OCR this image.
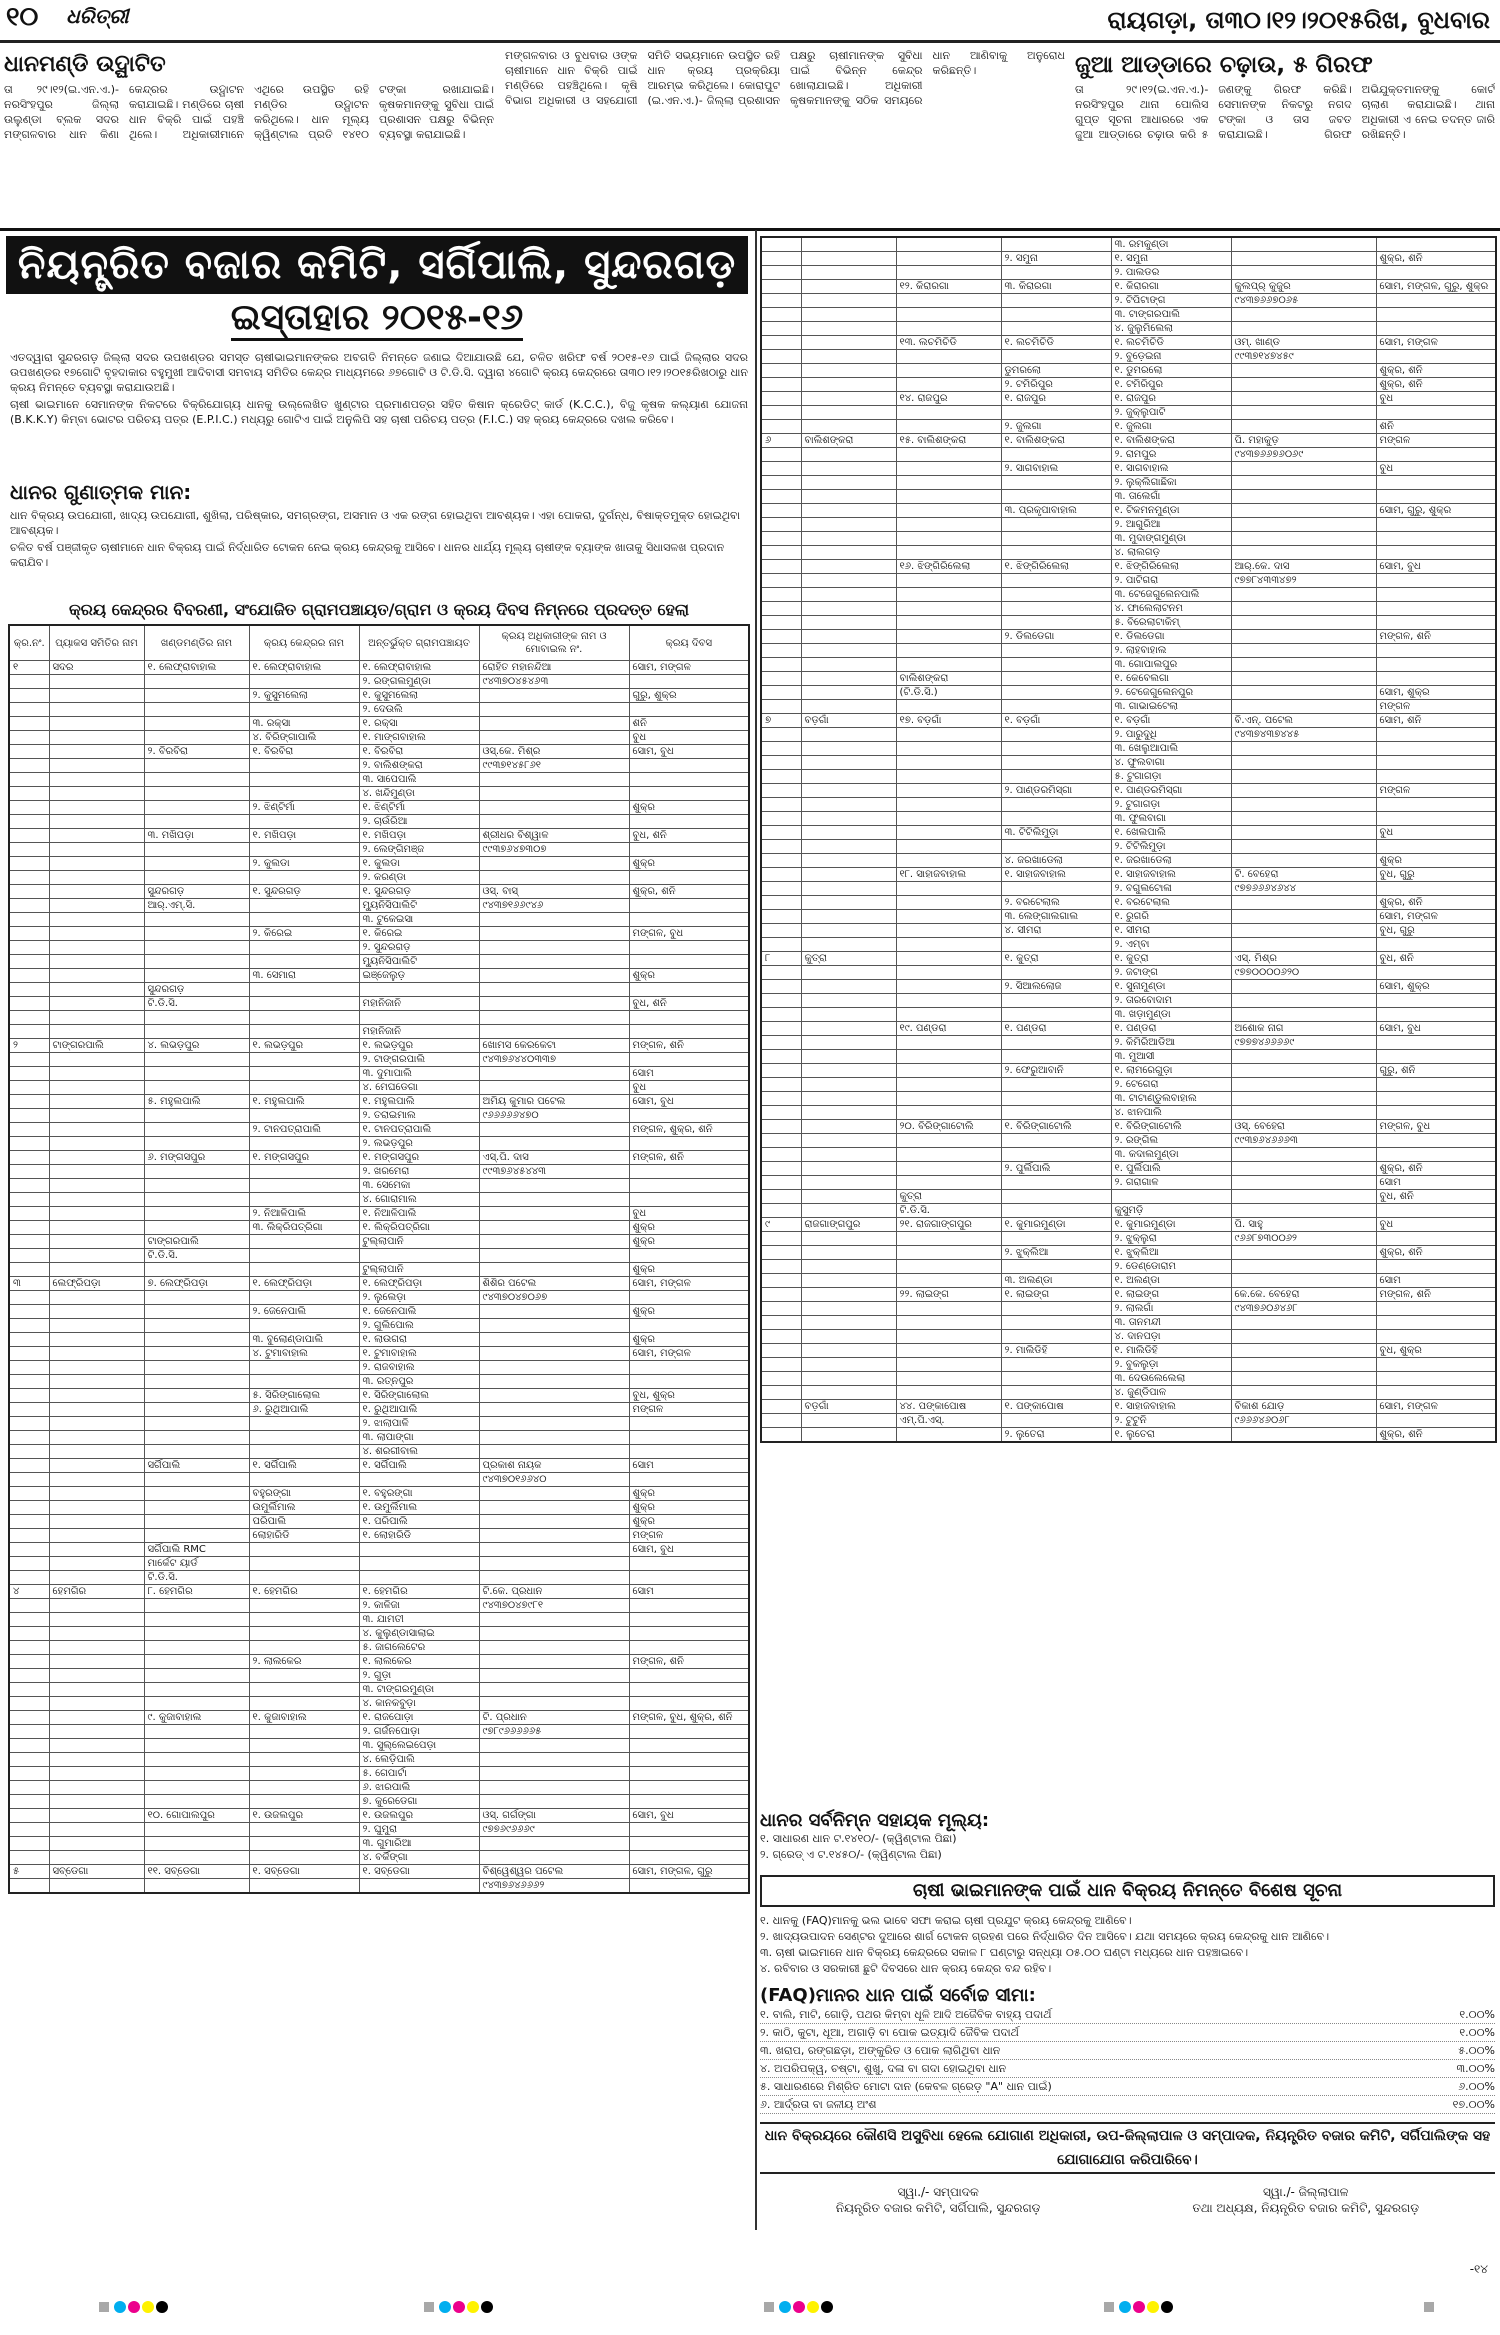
୧୦ ଧରିତ୍ରୀ	ରାୟଗଡ଼ା, ତା୩୦।୧୨।୨୦୧୫ରିଖ, ବୁଧବାର
ଧାନମଣ୍ଡି ଉଦ୍ଘାଟିତ

ତା ୨୯।୧୨(ଇ.ଏନ.ଏ.)- ନରସିଂହପୁର ଜିଲ୍ଲା ଉଲୁଣ୍ଡା ବ୍ଲକ ସଦର ମଙ୍ଗଳବାର ଧାନ କିଣା କେନ୍ଦ୍ରର ଉଦ୍ଘାଟନ କରାଯାଇଛି। ମଣ୍ଡିରେ ଚାଷୀ ଧାନ ବିକ୍ରି ପାଇଁ ପହଞ୍ଚି ଥିଲେ। ଅଧିକାରୀମାନେ ଏଥିରେ ଉପସ୍ଥିତ ରହି ମଣ୍ଡିର ଉଦ୍ଘାଟନ କରିଥିଲେ। ଧାନ ମୂଲ୍ୟ କ୍ୱିଣ୍ଟାଲ ପ୍ରତି ୧୪୧୦ ଟଙ୍କା ରଖାଯାଇଛି। କୃଷକମାନଙ୍କୁ ସୁବିଧା ପାଇଁ ପ୍ରଶାସନ ପକ୍ଷରୁ ବିଭିନ୍ନ ବ୍ୟବସ୍ଥା କରାଯାଇଛି।

ମଙ୍ଗଳବାର ଓ ବୁଧବାର ଓଙ୍କ ଚାଷୀମାନେ ଧାନ ବିକ୍ରି ପାଇଁ ମଣ୍ଡିରେ ପହଞ୍ଚିଥିଲେ। କୃଷି ବିଭାଗ ଅଧିକାରୀ ଓ ସହଯୋଗୀ ସମିତି ସଭ୍ୟମାନେ ଉପସ୍ଥିତ ରହି ଧାନ କ୍ରୟ ପ୍ରକ୍ରିୟା ଆରମ୍ଭ କରିଥିଲେ। କୋରାପୁଟ (ଇ.ଏନ.ଏ.)- ଜିଲ୍ଲା ପ୍ରଶାସନ ପକ୍ଷରୁ ଚାଷୀମାନଙ୍କ ସୁବିଧା ପାଇଁ ବିଭିନ୍ନ କେନ୍ଦ୍ର ଖୋଲାଯାଇଛି। ଅଧିକାରୀ କୃଷକମାନଙ୍କୁ ସଠିକ ସମୟରେ ଧାନ ଆଣିବାକୁ ଅନୁରୋଧ କରିଛନ୍ତି।	ଜୁଆ ଆଡ୍ଡାରେ ଚଢ଼ାଉ, ୫ ଗିରଫ

ତା ୨୯।୧୨(ଇ.ଏନ.ଏ.)- ନରସିଂହପୁର ଥାନା ପୋଲିସ ଗୁପ୍ତ ସୂଚନା ଆଧାରରେ ଏକ ଜୁଆ ଆଡ୍ଡାରେ ଚଢ଼ାଉ କରି ୫ ଜଣଙ୍କୁ ଗିରଫ କରିଛି। ସେମାନଙ୍କ ନିକଟରୁ ନଗଦ ଟଙ୍କା ଓ ତାସ ଜବତ କରାଯାଇଛି। ଗିରଫ ଅଭିଯୁକ୍ତମାନଙ୍କୁ କୋର୍ଟ ଚାଲାଣ କରାଯାଇଛି। ଥାନା ଅଧିକାରୀ ଏ ନେଇ ତଦନ୍ତ ଜାରି ରଖିଛନ୍ତି।

ନିୟନ୍ତ୍ରିତ ବଜାର କମିଟି, ସର୍ଗିପାଲି, ସୁନ୍ଦରଗଡ଼
ଇସ୍ତାହାର ୨୦୧୫-୧୬

ଏତଦ୍ୱାରା ସୁନ୍ଦରଗଡ଼ ଜିଲ୍ଲା ସଦର ଉପଖଣ୍ଡର ସମସ୍ତ ଚାଷୀଭାଇମାନଙ୍କର ଅବଗତି ନିମନ୍ତେ ଜଣାଇ ଦିଆଯାଉଛି ଯେ, ଚଳିତ ଖରିଫ ବର୍ଷ ୨୦୧୫-୧୬ ପାଇଁ ଜିଲ୍ଲାର ସଦର ଉପଖଣ୍ଡର ୧୭ଗୋଟି ବୃହଦାକାର ବହୁମୁଖୀ ଆଦିବାସୀ ସମବାୟ ସମିତିର କେନ୍ଦ୍ର ମାଧ୍ୟମରେ ୬୭ଗୋଟି ଓ ଟି.ଡି.ସି. ଦ୍ୱାରା ୪ଗୋଟି କ୍ରୟ କେନ୍ଦ୍ରରେ ତା୩୦।୧୨।୨୦୧୫ରିଖଠାରୁ ଧାନ କ୍ରୟ ନିମନ୍ତେ ବ୍ୟବସ୍ଥା କରାଯାଉଅଛି।

ଚାଷୀ ଭାଇମାନେ ସେମାନଙ୍କ ନିକଟରେ ବିକ୍ରିଯୋଗ୍ୟ ଧାନକୁ ଉଲ୍ଲେଖିତ ଖୁଣ୍ଟାର ପ୍ରମାଣପତ୍ର ସହିତ କିଷାନ କ୍ରେଡିଟ୍ କାର୍ଡ (K.C.C.), ବିଜୁ କୃଷକ କଲ୍ୟାଣ ଯୋଜନା (B.K.K.Y) କିମ୍ବା ଭୋଟର ପରିଚୟ ପତ୍ର (E.P.I.C.) ମଧ୍ୟରୁ ଗୋଟିଏ ପାଇଁ ଅନୁଲିପି ସହ ଚାଷୀ ପରିଚୟ ପତ୍ର (F.I.C.) ସହ କ୍ରୟ କେନ୍ଦ୍ରରେ ଦଖଲ କରିବେ।

ଧାନର ଗୁଣାତ୍ମକ ମାନ:

ଧାନ ବିକ୍ରୟ ଉପଯୋଗୀ, ଖାଦ୍ୟ ଉପଯୋଗୀ, ଶୁଖିଲା, ପରିଷ୍କାର, ସମଗ୍ରଙ୍ଗ, ଅସମାନ ଓ ଏକ ରଙ୍ଗ ହୋଇଥିବା ଆବଶ୍ୟକ। ଏହା ପୋକରା, ଦୁର୍ଗନ୍ଧ, ବିଷାକ୍ତମୁକ୍ତ ହୋଇଥିବା ଆବଶ୍ୟକ।

ଚଳିତ ବର୍ଷ ପଞ୍ଜୀକୃତ ଚାଷୀମାନେ ଧାନ ବିକ୍ରୟ ପାଇଁ ନିର୍ଦ୍ଧାରିତ ଟୋକନ ନେଇ କ୍ରୟ କେନ୍ଦ୍ରକୁ ଆସିବେ। ଧାନର ଧାର୍ଯ୍ୟ ମୂଲ୍ୟ ଚାଷୀଙ୍କ ବ୍ୟାଙ୍କ ଖାତାକୁ ସିଧାସଳଖ ପ୍ରଦାନ କରାଯିବ।

କ୍ରୟ କେନ୍ଦ୍ରର ବିବରଣୀ, ସଂଯୋଜିତ ଗ୍ରାମପଞ୍ଚାୟତ/ଗ୍ରାମ ଓ କ୍ରୟ ଦିବସ ନିମ୍ନରେ ପ୍ରଦତ୍ତ ହେଲା
କ୍ର.ନଂ.	ପ୍ୟାକସ ସମିତିର ନାମ	ଖଣ୍ଡମଣ୍ଡିର ନାମ	କ୍ରୟ କେନ୍ଦ୍ରର ନାମ	ଅନ୍ତର୍ଭୁକ୍ତ ଗ୍ରାମପଞ୍ଚାୟତ	କ୍ରୟ ଅଧିକାରୀଙ୍କ ନାମ ଓ ମୋବାଇଲ ନଂ.	କ୍ରୟ ଦିବସ
୧	ସଦର	୧. ଲେଫ୍ରାବାହାଲ	୧. ଲେଫ୍ରାବାହାଲ	୧. ଲେଫ୍ରାବାହାଲ	ରୋହିତ ମହାନନ୍ଦିଆ	ସୋମ, ମଙ୍ଗଳ
				୨. ରଙ୍ଗଲମୁଣ୍ଡା	୯୪୩୭୦୪୫୪୬୩	
			୨. କୁସୁମଲେଲା	୧. କୁସୁମଲେଲା		ଗୁରୁ, ଶୁକ୍ର
				୨. ଦେଉଲି		
			୩. ରକ୍ସା	୧. ରକ୍ସା		ଶନି
			୪. ବିରିଙ୍ଗାପାଲି	୧. ମାଙ୍ଗବାହାଲ		ବୁଧ
		୨. ବିରବିରା	୧. ବିରବିରା	୧. ବିରବିରା	ଓସ୍.କେ. ମିଶ୍ର	ସୋମ, ବୁଧ
				୨. ବାଲିଶଙ୍କରା	୯୯୩୭୧୪୫୮୬୧	
				୩. ସାପେପାଲି		
				୪. ଖନ୍ଦିମୁଣ୍ଡା		
			୨. ଝିଣ୍ଟିର୍ମା	୧. ଝିଣ୍ଟିର୍ମା		ଶୁକ୍ର
				୨. ଚାଉଁରିଆ		
		୩. ମଖିପଡ଼ା	୧. ମଖିପଡ଼ା	୧. ମଖିପଡ଼ା	ଶ୍ରୀଧର ବିଶ୍ୱାଳ	ବୁଧ, ଶନି
				୨. ଲେଙ୍ଗିମଞ୍ଜ	୯୯୩୭୬୪୭୩୦୭	
			୨. କୁଲଡା	୧. କୁଲଡା		ଶୁକ୍ର
				୨. କରଣ୍ଡା		
		ସୁନ୍ଦରଗଡ଼	୧. ସୁନ୍ଦରଗଡ଼	୧. ସୁନ୍ଦରଗଡ଼	ଓସ୍. ବାସ୍	ଶୁକ୍ର, ଶନି
		ଆର୍.ଏମ୍.ସି.		ମ୍ୟୁନିସିପାଲିଟି	୯୪୩୭୧୬୬୯୪୬	
				୩. ଟୁକେଇସା		
			୨. କିରେଇ	୧. କିରେଇ		ମଙ୍ଗଳ, ବୁଧ
				୨. ସୁନ୍ଦରଗଡ଼		
				ମ୍ୟୁନିସିପାଲିଟି		
			୩. ସେମାରା	ଇଞ୍ଜେଲୁଡ଼		ଶୁକ୍ର
		ସୁନ୍ଦରଗଡ଼				
		ଟି.ଡି.ସି.		ମହାନିଜାନି		ବୁଧ, ଶନି

				ମହାନିଜାନି		
୨	ଟାଙ୍ଗରପାଲି	୪. ଲଭଡ଼ପୁର	୧. ଲଭଡ଼ପୁର	୧. ଲଭଡ଼ପୁର	ଖୋମସ କେରକେଟା	ମଙ୍ଗଳ, ଶନି
				୨. ଟାଙ୍ଗରପାଲି	୯୪୩୭୬୪୪୦୩୩୭	
				୩. ଦୁମାପାଲି		ସୋମ
				୪. ମେଘଡେଗା		ବୁଧ
		୫. ମହୁଲପାଲି	୧. ମହୁଲପାଲି	୧. ମହୁଲପାଲି	ଅମିୟ କୁମାର ପଟେଲ	ସୋମ, ବୁଧ
				୨. ତରାଇମାଲ	୯୬୬୬୬୬୪୭୦	
			୨. ଟାନପତ୍ରାପାଲି	୧. ଟାନପତ୍ରାପାଲି		ମଙ୍ଗଳ, ଶୁକ୍ର, ଶନି
				୨. ଲଭଡ଼ପୁର		
		୬. ମଙ୍ଗସପୁର	୧. ମଙ୍ଗସପୁର	୧. ମଙ୍ଗସପୁର	ଏସ୍.ପି. ଦାସ	ମଙ୍ଗଳ, ଶନି
				୨. ଖରମେରା	୯୯୩୭୬୪୫୪୪୩	
				୩. ସେମେକା		
				୪. ଗୋରାମାଲ		
			୨. ନିଆଳିପାଲି	୧. ନିଆଳିପାଲି		ବୁଧ
			୩. ଲିକ୍ରିପତ୍ରିଗା	୧. ଲିକ୍ରିପତ୍ରିଗା		ଶୁକ୍ର
		ଟାଙ୍ଗରପାଲି		ଟୁଲ୍ଲାପାନି		ଶୁକ୍ର
		ଟି.ଡି.ସି.				
				ଟୁଲ୍ଲାପାନି		ଶୁକ୍ର
୩	ଲେଫ୍ରିପଡ଼ା	୭. ଲେଫ୍ରିପଡ଼ା	୧. ଲେଫ୍ରିପଡ଼ା	୧. ଲେଫ୍ରିପଡ଼ା	ଶିଶିର ପଟେଲ	ସୋମ, ମଙ୍ଗଳ
				୨. ଲୁଲେଡ଼ା	୯୪୩୭୦୪୭୦୬୭	
			୨. ଜେନେପାଲି	୧. ଜେନେପାଲି		ଶୁକ୍ର
				୨. ଗୁଲିପୋଲ		
			୩. ବୁଲୋଣ୍ଡାପାଲି	୧. ଲାଉଗରା		ଶୁକ୍ର
			୪. ଟୁମାବାହାଲ	୧. ଟୁମାବାହାଲ		ସୋମ, ମଙ୍ଗଳ
				୨. ରାଜବାହାଲ		
				୩. ରତ୍ନପୁର		
			୫. ସିରିଙ୍ଗାଲୋଲ	୧. ସିରିଙ୍ଗାଲୋଲ		ବୁଧ, ଶୁକ୍ର
			୬. ରୁଥିଆପାଲି	୧. ରୁଥିଆପାଲି		ମଙ୍ଗଳ
				୨. ଝାଲାପାଳି		
				୩. ଲାପାଙ୍ଗା		
				୪. ଶରଗୀବାଲ		
		ସର୍ଗିପାଲି	୧. ସର୍ଗିପାଲି	୧. ସର୍ଗିପାଲି	ପ୍ରକାଶ ନାୟକ	ସୋମ
					୯୪୩୭୦୧୬୬୪୦	
			ବହୁରଙ୍ଗା	୧. ବହୁରଙ୍ଗା		ଶୁକ୍ର
			ଉମୁର୍ଲିମାଲ	୧. ଉମୁର୍ଲିମାଲ		ଶୁକ୍ର
			ପରିପାଲି	୧. ପରିପାଲି		ଶୁକ୍ର
			ଲୋହାରିଡି	୧. ଲୋହାରିଡି		ମଙ୍ଗଳ
		ସର୍ଗିପାଲି RMC				ସୋମ, ବୁଧ
		ମାର୍କେଟ ୟାର୍ଡ				
		ଟି.ଡି.ସି.				
୪	ହେମଗିର	୮. ହେମଗିର	୧. ହେମଗିର	୧. ହେମଗିର	ଟି.କେ. ପ୍ରଧାନ	ସୋମ
				୨. କାଳିଜା	୯୪୩୭୦୪୭୯୮୧	
				୩. ଯାମତୀ		
				୪. କୁଲୁଣ୍ଡାସାଲାଇ		
				୫. ଜାଗଲେଟେର		
			୨. ଲାଲକେର	୧. ଲାଲକେର		ମଙ୍ଗଳ, ଶନି
				୨. ଗୁଡ଼ା		
				୩. ଟାଙ୍ଗରମୁଣ୍ଡା		
				୪. କାନକବୁଡ଼ା		
		୯. କୁଜାବାହାଲ	୧. କୁଜାବାହାଲ	୧. ରାଜପୋଡ଼ା	ଟି. ପ୍ରଧାନ	ମଙ୍ଗଳ, ବୁଧ, ଶୁକ୍ର, ଶନି
				୨. ଗର୍ଜନପୋଡ଼ା	୯୭୮୯୬୬୬୬୬୫	
				୩. ସୁଲ୍ଲେଇପେଡ଼ା		
				୪. ଲେଡ଼ିପାଲି		
				୫. ଗେପାର୍ଟା		
				୬. ଝାରପାଲି		
				୭. କୁରେଡେଗା		
		୧୦. ଗୋପାଲପୁର	୧. ଉଜଲପୁର	୧. ଉଜଲପୁର	ଓସ୍. ଗର୍ଗଙ୍ଗା	ସୋମ, ବୁଧ
				୨. ଘୁମୁରା	୯୭୭୬୯୬୬୬୯	
				୩. ଗୁମାରିଆ		
				୪. ବର୍କିଙ୍ଗା		
୫	ସବ୍ଡେଗା	୧୧. ସବ୍ଡେଗା	୧. ସବ୍ଡେଗା	୧. ସବ୍ଡେଗା	ବିଶ୍ୱେଶ୍ୱର ପଟେଲ	ସୋମ, ମଙ୍ଗଳ, ଗୁରୁ
					୯୪୩୭୬୪୬୬୬୨	
				୩. ରମକୁଣ୍ଡା		
			୨. ସମୁନା	୧. ସମୁନା		ଶୁକ୍ର, ଶନି
				୨. ପାଲଡର		
		୧୨. କିରାରଗା	୩. କିରାରଗା	୧. କିରାରଗା	କୁଲପ୍ର୍ କୁଜୁର	ସୋମ, ମଙ୍ଗଳ, ଗୁରୁ, ଶୁକ୍ର
				୨. ଟିପିଟାଙ୍ଗ	୯୪୩୭୬୬୭୦୬୫	
				୩. ଟାଙ୍ଗରପାଲି		
				୪. ଜୁଲୁମିଲେଲା		
		୧୩. ଲଚମିଚିଡି	୧. ଲଚମିଚିଡି	୧. ଲଚମିଚିଡି	ଓମ୍. ଖାଣ୍ଡ	ସୋମ, ମଙ୍ଗଳ
				୨. ବୁଡ଼େଇନା	୯୯୩୭୧୪୭୪୫୯	
			ଡୁମରଲୋ	୧. ଡୁମରଲୋ		ଶୁକ୍ର, ଶନି
			୨. ଟମିରିପୁର	୧. ଟମିରିପୁର		ଶୁକ୍ର, ଶନି
		୧୪. ରାଜପୁର	୧. ରାଜପୁର	୧. ରାଜପୁର		ବୁଧ
				୨. ଜୁକ୍ଲୁପାଟି		
			୨. ଜୁଲଗା	୧. ଜୁଲଗା		ଶନି
୬	ବାଲିଶଙ୍କରା	୧୫. ବାଲିଶଙ୍କରା	୧. ବାଲିଶଙ୍କରା	୧. ବାଲିଶଙ୍କରା	ପି. ମହାକୁଡ଼	ମଙ୍ଗଳ
				୨. ରାମପୁର	୯୪୩୭୬୬୭୬୦୬୯	
			୨. ସାଗବାହାଲ	୧. ସାଗବାହାଲ		ବୁଧ
				୨. ଲୁକ୍ଲିଗାଛିକା		
				୩. ତାଲେଗାଁ		
			୩. ପ୍ରକୃପାବାହାଲ	୧. ଟିକମନମୁଣ୍ଡା		ସୋମ, ଗୁରୁ, ଶୁକ୍ର
				୨. ଆଗୁରିଆ		
				୩. ମୁଦାଙ୍ଗମୁଣ୍ଡା		
				୪. ଲାଲଗଡ଼		
		୧୬. ଝିଙ୍ଗିରିଲେଲା	୧. ଝିଙ୍ଗିରିଲେଲା	୧. ଝିଙ୍ଗିରିଲେଲା	ଆର୍.କେ. ଦାସ	ସୋମ, ବୁଧ
				୨. ପାଟିଗରା	୯୭୭୮୪୩୩୪୭୨	
				୩. ଟେଜେଗୁଲେନପାଲି		
				୪. ଫାଲେଲାଟନମ		
				୫. ବିରେଲାଟାକିମ୍		
			୨. ଡିଲଡେଗା	୧. ଡିଲଡେଗା		ମଙ୍ଗଳ, ଶନି
				୨. ଲାହବାହାଲ		
				୩. ଗୋପାଲପୁର		
		ବାଲିଶଙ୍କରା		୧. କେବେଲଗା		
		(ଟି.ଡି.ସି.)		୨. ଟେଜେଗୁଲେନପୁର		ସୋମ, ଶୁକ୍ର
				୩. ଗାଭାଇଟେଲା		ମଙ୍ଗଳ
୭	ବଡ଼ଗାଁ	୧୭. ବଡ଼ଗାଁ	୧. ବଡ଼ଗାଁ	୧. ବଡ଼ଗାଁ	ବି.ଏନ୍. ପଟେଲ	ସୋମ, ଶନି
				୨. ପାରୁଦୁଧି	୯୪୩୭୪୩୭୪୪୫	
				୩. ଖେଲୁଆପାଲି		
				୪. ଫୁଲବାଗା		
				୫. ଟୁଗାଗଡ଼ା		
			୨. ପାଣ୍ଡରମିସ୍ଗା	୧. ପାଣ୍ଡରମିସ୍ଗା		ମଙ୍ଗଳ
				୨. ଟୁଗାଗଡ଼ା		
				୩. ଫୁଲବାଗା		
			୩. ଟିଟିଲିମୁଡ଼ା	୧. ଖେଲପାଲି		ବୁଧ
				୨. ଟିଟିଲିମୁଡ଼ା		
			୪. ଜରଖାଡେଲା	୧. ଜରଖାଡେଲା		ଶୁକ୍ର
		୧୮. ସାହାଜବାହାଲ	୧. ସାହାଜବାହାଲ	୧. ସାହାଜବାହାଲ	ଟି. ବେହେରା	ବୁଧ, ଗୁରୁ
				୨. ବଗୁଲଟୋଳା	୯୭୭୬୬୬୪୬୪୪	
			୨. ବରଟେଲାଲ	୧. ବରଟେଲାଲ		ଶୁକ୍ର, ଶନି
			୩. ଲେଙ୍ଗାଲଗାଲ	୧. ରୁଗରି		ସୋମ, ମଙ୍ଗଳ
			୪. ସୀମରା	୧. ସୀମରା		ବୁଧ, ଗୁରୁ
				୨. ଏମ୍ବା		
୮	କୁତ୍ରା		୧. କୁତ୍ରା	୧. କୁତ୍ରା	ଏସ୍. ମିଶ୍ର	ବୁଧ, ଶନି
				୨. ଜଟାଙ୍ଗ	୯୭୭୦୦୦୦୬୨୦	
			୨. ସିଆଲଲୋଜ	୧. ସୁନାମୁଣ୍ଡା		ସୋମ, ଶୁକ୍ର
				୨. ତାରବୋଦାମ		
				୩. ଖଡ଼ାମୁଣ୍ଡା		
		୧୯. ପଣ୍ଡରା	୧. ପଣ୍ଡରା	୧. ପଣ୍ଡରା	ଅଶୋକ ନାଗ	ସୋମ, ବୁଧ
				୨. କିମିରିଆଡିଆ	୯୭୭୭୪୬୬୬୬୯	
				୩. ମୁଆସୀ		
			୨. ଫେରୁଆବାନି	୧. ଲାମରେଗୁଡ଼ା		ଗୁରୁ, ଶନି
				୨. ଟେଗେରା		
				୩. ଟାଟାଣ୍ଡୁଲବାହାଲ		
				୪. ଝାନପାଲି		
		୨୦. ବିରିଙ୍ଗାଟୋଲି	୧. ବିରିଙ୍ଗାଟୋଲି	୧. ବିରିଙ୍ଗାଟୋଲି	ଓସ୍. ବେହେରା	ମଙ୍ଗଳ, ବୁଧ
				୨. ରଙ୍ଗିଲ	୯୯୩୭୬୪୬୬୬୩	
				୩. କଦାଲମୁଣ୍ଡା		
			୨. ପୁର୍ଲିପାଲି	୧. ପୁର୍ଲିପାଲି		ଶୁକ୍ର, ଶନି
				୨. ଗରାଗାଳ		ସୋମ
		କୁତ୍ରା				ବୁଧ, ଶନି
		ଟି.ଡି.ସି.		କୁସୁମଡ଼ି		
୯	ରାଜଗାଙ୍ଗପୁର	୨୧. ରାଜଗାଙ୍ଗପୁର	୧. କୁମାରମୁଣ୍ଡା	୧. କୁମାରମୁଣ୍ଡା	ପି. ସାହୁ	ବୁଧ
				୨. ଝୁକ୍ଲୁରା	୯୬୬୮୭୩୦୦୬୨	
			୨. ଝୁକ୍ଲିଆ	୧. ଝୁକ୍ଲିଆ		ଶୁକ୍ର, ଶନି
				୨. ଡେଣ୍ଡୋରାମ		
			୩. ଅଲଣ୍ଡା	୧. ଅଲଣ୍ଡା		ସୋମ
		୨୨. ଲାଇଙ୍ଗ	୧. ଲାଇଙ୍ଗ	୧. ଲାଇଙ୍ଗ	କେ.କେ. ବେହେରା	ମଙ୍ଗଳ, ଶନି
				୨. ଲାଲଗାଁ	୯୪୩୭୬୦୬୪୬୮	
				୩. ତାନମନ୍ଦୀ		
				୪. ଦାନପଡ଼ା		
			୨. ମାଲିଡିହି	୧. ମାଲିଡିହି		ବୁଧ, ଶୁକ୍ର
				୨. ବୁକଲୁଡ଼ା		
				୩. ଦେଉଲେଲେଲା		
				୪. ଜୁଣ୍ଡିପାଳ		
	ବଡ଼ଗାଁ	୪୪. ପଙ୍କାପୋଷ	୧. ପଙ୍କାପୋଷ	୧. ସାହାଜବାହାଲ	ବିକାଶ ଯୋଡ଼	ସୋମ, ମଙ୍ଗଳ
		ଏମ୍.ପି.ଏସ୍.		୨. ଟୁଟୁନି	୯୬୬୬୪୬୦୬୮	
			୨. ଲୁତେରା	୧. ଲୁତେରା		ଶୁକ୍ର, ଶନି
ଧାନର ସର୍ବନିମ୍ନ ସହାୟକ ମୂଲ୍ୟ:
୧. ସାଧାରଣ ଧାନ ଟ.୧୪୧୦/- (କ୍ୱିଣ୍ଟାଲ ପିଛା)
୨. ଗ୍ରେଡ୍ ଏ ଟ.୧୪୫୦/- (କ୍ୱିଣ୍ଟାଲ ପିଛା)
ଚାଷୀ ଭାଇମାନଙ୍କ ପାଇଁ ଧାନ ବିକ୍ରୟ ନିମନ୍ତେ ବିଶେଷ ସୂଚନା
୧. ଧାନକୁ (FAQ)ମାନକୁ ଭଲ ଭାବେ ସଫା କରାଇ ଚାଷୀ ପ୍ରଯୁଟ କ୍ରୟ କେନ୍ଦ୍ରକୁ ଆଣିବେ।
୨. ଖାଦ୍ୟଉପାଦନ ସେଣ୍ଟର ଦୁଆରେ ଶାର୍ଗ ଟୋକନ ଗ୍ରହଣ ପରେ ନିର୍ଦ୍ଧାରିତ ଦିନ ଆସିବେ। ଯଥା ସମୟରେ କ୍ରୟ କେନ୍ଦ୍ରକୁ ଧାନ ଆଣିବେ।
୩. ଚାଷୀ ଭାଇମାନେ ଧାନ ବିକ୍ରୟ କେନ୍ଦ୍ରରେ ସକାଳ ୮ ଘଣ୍ଟାରୁ ସନ୍ଧ୍ୟା ୦୫.୦୦ ଘଣ୍ଟା ମଧ୍ୟରେ ଧାନ ପହଞ୍ଚାଇବେ।
୪. ରବିବାର ଓ ସରକାରୀ ଛୁଟି ଦିବସରେ ଧାନ କ୍ରୟ କେନ୍ଦ୍ର ବନ୍ଦ ରହିବ।
(FAQ)ମାନର ଧାନ ପାଇଁ ସର୍ବୋଚ୍ଚ ସୀମା:
୧. ବାଲି, ମାଟି, ଗୋଡ଼ି, ପଥର କିମ୍ବା ଧୂଳି ଆଦି ଅଜୈବିକ ବାହ୍ୟ ପଦାର୍ଥ	୧.୦୦%
୨. କାଠି, କୁଟା, ଧୂଆ, ଅଗାଡ଼ି ବା ପୋକ ଇତ୍ୟାଦି ଜୈବିକ ପଦାର୍ଥ	୧.୦୦%
୩. ଖରାପ, ରଙ୍ଗଛଡ଼ା, ଅଙ୍କୁରିତ ଓ ପୋକ ଲାଗିଥିବା ଧାନ	୫.୦୦%
୪. ଅପରିପକ୍ୱ, ଚଷ୍ଟା, ଶୁଖୁ, ଦଳା ବା ଗଦା ହୋଇଥିବା ଧାନ	୩.୦୦%
୫. ସାଧାରଣରେ ମିଶ୍ରିତ ମୋଟା ଦାନ (କେବଳ ଗ୍ରେଡ଼ "A" ଧାନ ପାଇଁ)	୬.୦୦%
୬. ଆର୍ଦ୍ରତା ବା ଜଳୀୟ ଅଂଶ	୧୭.୦୦%
ଧାନ ବିକ୍ରୟରେ କୌଣସି ଅସୁବିଧା ହେଲେ ଯୋଗାଣ ଅଧିକାରୀ, ଉପ-ଜିଲ୍ଲାପାଳ ଓ ସମ୍ପାଦକ, ନିୟନ୍ତ୍ରିତ ବଜାର କମିଟି, ସର୍ଗିପାଲିଙ୍କ ସହ ଯୋଗାଯୋଗ କରିପାରିବେ।
ସ୍ୱା./- ସମ୍ପାଦକ
ନିୟନ୍ତ୍ରିତ ବଜାର କମିଟି, ସର୍ଗିପାଲି, ସୁନ୍ଦରଗଡ଼
ସ୍ୱା./- ଜିଲ୍ଲାପାଳ
ତଥା ଅଧ୍ୟକ୍ଷ, ନିୟନ୍ତ୍ରିତ ବଜାର କମିଟି, ସୁନ୍ଦରଗଡ଼
-୧୪
